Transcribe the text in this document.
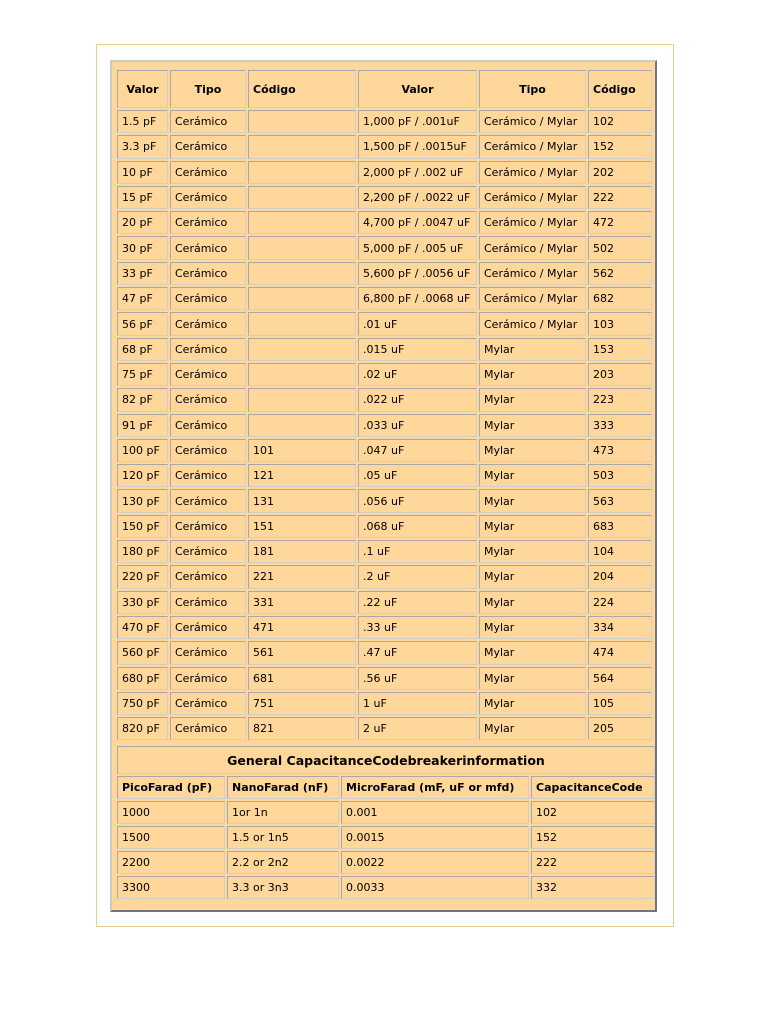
Valor	Tipo	Código	Valor	Tipo	Código
1.5 pF	Cerámico		1,000 pF / .001uF	Cerámico / Mylar	102
3.3 pF	Cerámico		1,500 pF / .0015uF	Cerámico / Mylar	152
10 pF	Cerámico		2,000 pF / .002 uF	Cerámico / Mylar	202
15 pF	Cerámico		2,200 pF / .0022 uF	Cerámico / Mylar	222
20 pF	Cerámico		4,700 pF / .0047 uF	Cerámico / Mylar	472
30 pF	Cerámico		5,000 pF / .005 uF	Cerámico / Mylar	502
33 pF	Cerámico		5,600 pF / .0056 uF	Cerámico / Mylar	562
47 pF	Cerámico		6,800 pF / .0068 uF	Cerámico / Mylar	682
56 pF	Cerámico		.01 uF	Cerámico / Mylar	103
68 pF	Cerámico		.015 uF	Mylar	153
75 pF	Cerámico		.02 uF	Mylar	203
82 pF	Cerámico		.022 uF	Mylar	223
91 pF	Cerámico		.033 uF	Mylar	333
100 pF	Cerámico	101	.047 uF	Mylar	473
120 pF	Cerámico	121	.05 uF	Mylar	503
130 pF	Cerámico	131	.056 uF	Mylar	563
150 pF	Cerámico	151	.068 uF	Mylar	683
180 pF	Cerámico	181	.1 uF	Mylar	104
220 pF	Cerámico	221	.2 uF	Mylar	204
330 pF	Cerámico	331	.22 uF	Mylar	224
470 pF	Cerámico	471	.33 uF	Mylar	334
560 pF	Cerámico	561	.47 uF	Mylar	474
680 pF	Cerámico	681	.56 uF	Mylar	564
750 pF	Cerámico	751	1 uF	Mylar	105
820 pF	Cerámico	821	2 uF	Mylar	205
General CapacitanceCodebreakerinformation			
PicoFarad (pF)	NanoFarad (nF)	MicroFarad (mF, uF or mfd)	CapacitanceCode
1000	1or 1n	0.001	102
1500	1.5 or 1n5	0.0015	152
2200	2.2 or 2n2	0.0022	222
3300	3.3 or 3n3	0.0033	332
